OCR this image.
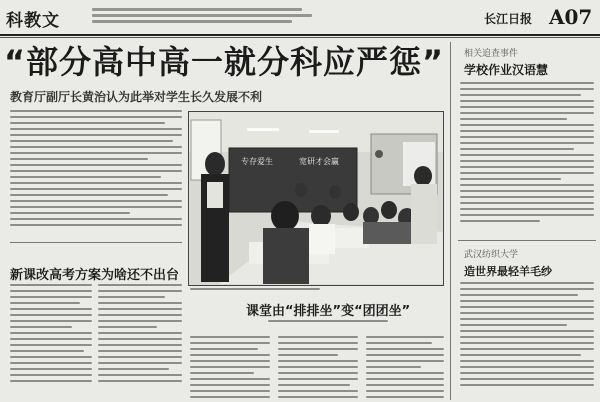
科教文	长江日报 A07
“部分高中高一就分科应严惩”
教育厅副厅长黄治认为此举对学生长久发展不利
新课改高考方案为啥还不出台
专存爱生	宽研才会赢
课堂由“排排坐”变“团团坐”
相关追查事件
学校作业汉语慧
武汉纺织大学
造世界最轻羊毛纱
